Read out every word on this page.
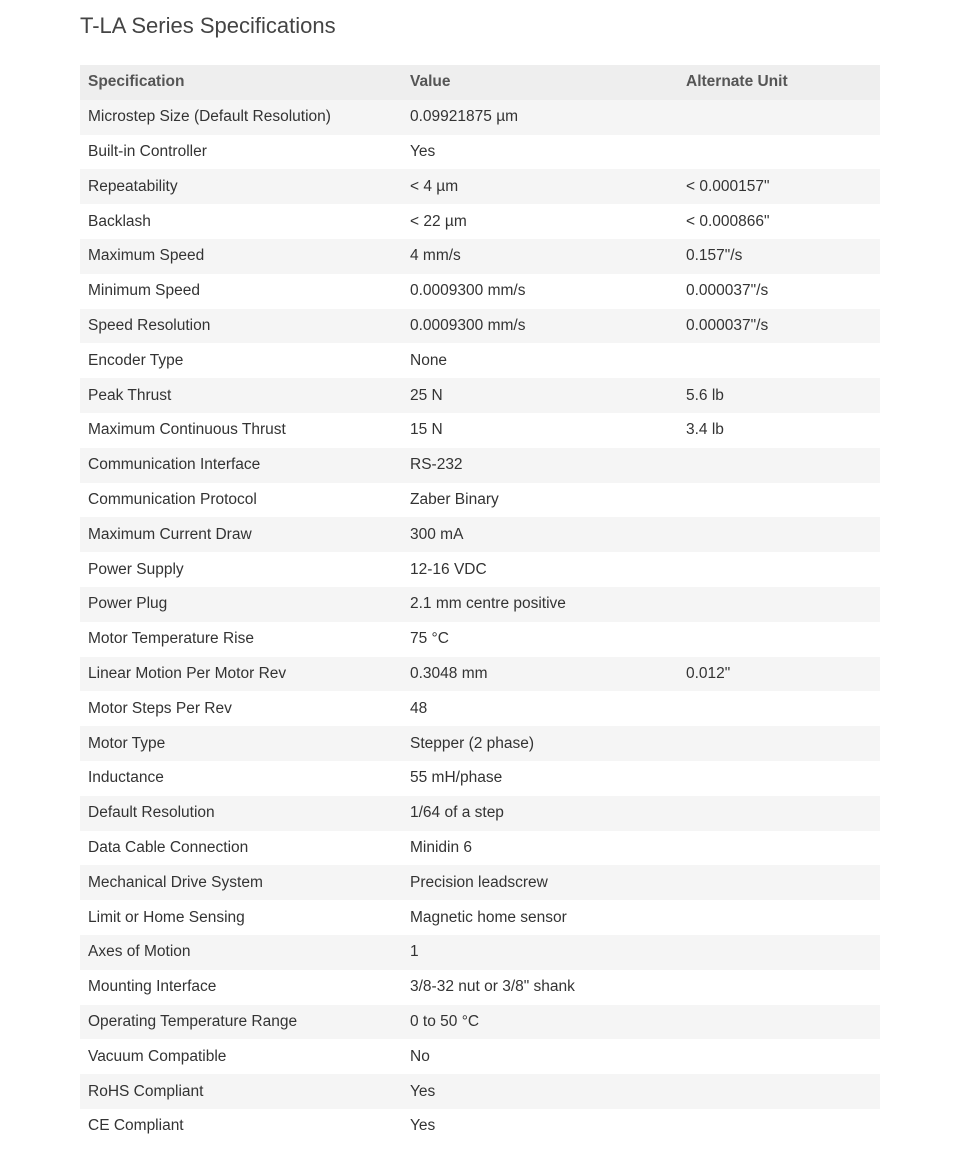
T-LA Series Specifications
Specification	Value	Alternate Unit
Microstep Size (Default Resolution)	0.09921875 µm	
Built-in Controller	Yes	
Repeatability	< 4 µm	< 0.000157"
Backlash	< 22 µm	< 0.000866"
Maximum Speed	4 mm/s	0.157"/s
Minimum Speed	0.0009300 mm/s	0.000037"/s
Speed Resolution	0.0009300 mm/s	0.000037"/s
Encoder Type	None	
Peak Thrust	25 N	5.6 lb
Maximum Continuous Thrust	15 N	3.4 lb
Communication Interface	RS-232	
Communication Protocol	Zaber Binary	
Maximum Current Draw	300 mA	
Power Supply	12-16 VDC	
Power Plug	2.1 mm centre positive	
Motor Temperature Rise	75 °C	
Linear Motion Per Motor Rev	0.3048 mm	0.012"
Motor Steps Per Rev	48	
Motor Type	Stepper (2 phase)	
Inductance	55 mH/phase	
Default Resolution	1/64 of a step	
Data Cable Connection	Minidin 6	
Mechanical Drive System	Precision leadscrew	
Limit or Home Sensing	Magnetic home sensor	
Axes of Motion	1	
Mounting Interface	3/8-32 nut or 3/8" shank	
Operating Temperature Range	0 to 50 °C	
Vacuum Compatible	No	
RoHS Compliant	Yes	
CE Compliant	Yes	
